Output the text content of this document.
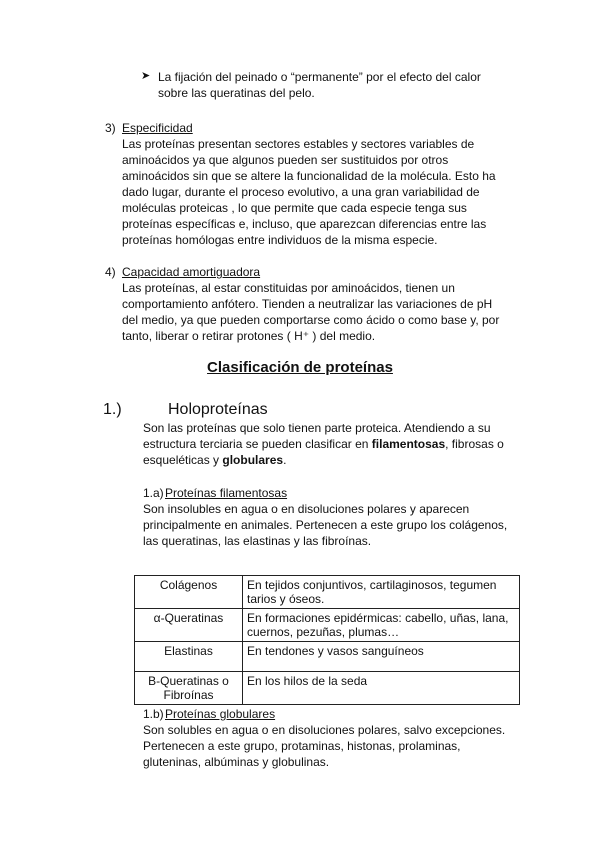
➤ La fijación del peinado o “permanente” por el efecto del calor
sobre las queratinas del pelo.
3) Especificidad
Las proteínas presentan sectores estables y sectores variables de
aminoácidos ya que algunos pueden ser sustituidos por otros
aminoácidos sin que se altere la funcionalidad de la molécula. Esto ha
dado lugar, durante el proceso evolutivo, a una gran variabilidad de
moléculas proteicas , lo que permite que cada especie tenga sus
proteínas específicas e, incluso, que aparezcan diferencias entre las
proteínas homólogas entre individuos de la misma especie.
4) Capacidad amortiguadora
Las proteínas, al estar constituidas por aminoácidos, tienen un
comportamiento anfótero. Tienden a neutralizar las variaciones de pH
del medio, ya que pueden comportarse como ácido o como base y, por
tanto, liberar o retirar protones ( H⁺ ) del medio.
Clasificación de proteínas
1.)	Holoproteínas
Son las proteínas que solo tienen parte proteica. Atendiendo a su
estructura terciaria se pueden clasificar en filamentosas, fibrosas o
esqueléticas y globulares.
1.a) Proteínas filamentosas
Son insolubles en agua o en disoluciones polares y aparecen
principalmente en animales. Pertenecen a este grupo los colágenos,
las queratinas, las elastinas y las fibroínas.
Colágenos	En tejidos conjuntivos, cartilaginosos, tegumen tarios y óseos.
α-Queratinas	En formaciones epidérmicas: cabello, uñas, lana, cuernos, pezuñas, plumas…
Elastinas	En tendones y vasos sanguíneos
B-Queratinas o Fibroínas	En los hilos de la seda
1.b) Proteínas globulares
Son solubles en agua o en disoluciones polares, salvo excepciones.
Pertenecen a este grupo, protaminas, histonas, prolaminas,
gluteninas, albúminas y globulinas.
